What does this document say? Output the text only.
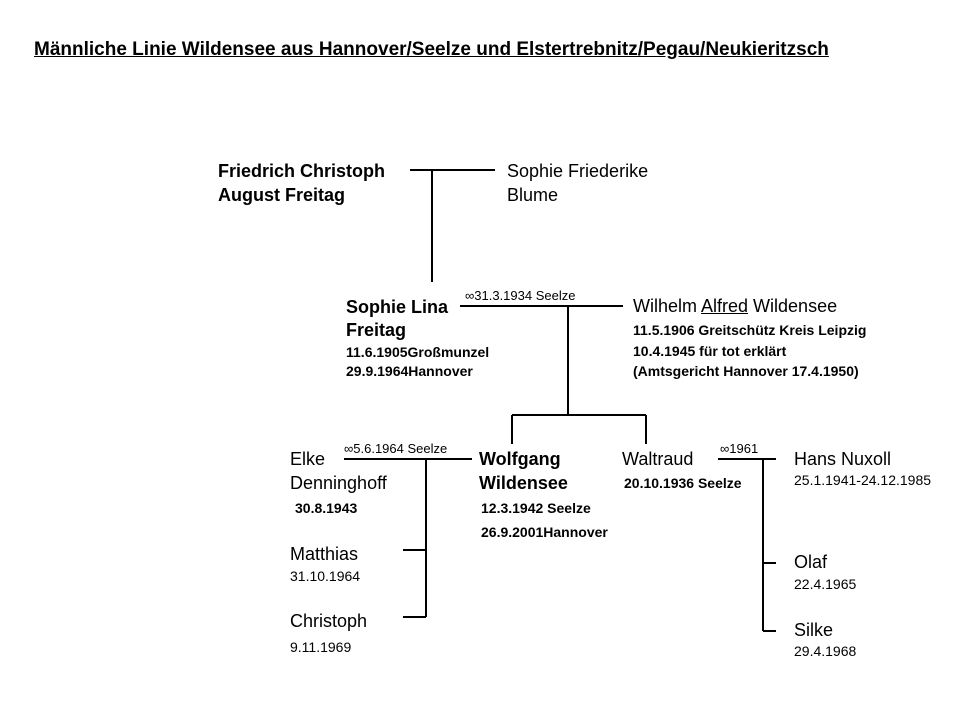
Männliche Linie Wildensee aus Hannover/Seelze und Elstertrebnitz/Pegau/Neukieritzsch
Friedrich Christoph
August Freitag
Sophie Friederike
Blume
Sophie Lina
Freitag
11.6.1905Großmunzel
29.9.1964Hannover
∞31.3.1934 Seelze
Wilhelm Alfred Wildensee
11.5.1906 Greitschütz Kreis Leipzig
10.4.1945 für tot erklärt
(Amtsgericht Hannover 17.4.1950)
Elke
Denninghoff
30.8.1943
∞5.6.1964 Seelze
Wolfgang
Wildensee
12.3.1942 Seelze
26.9.2001Hannover
Waltraud
20.10.1936 Seelze
∞1961
Hans Nuxoll
25.1.1941-24.12.1985
Matthias
31.10.1964
Christoph
9.11.1969
Olaf
22.4.1965
Silke
29.4.1968
